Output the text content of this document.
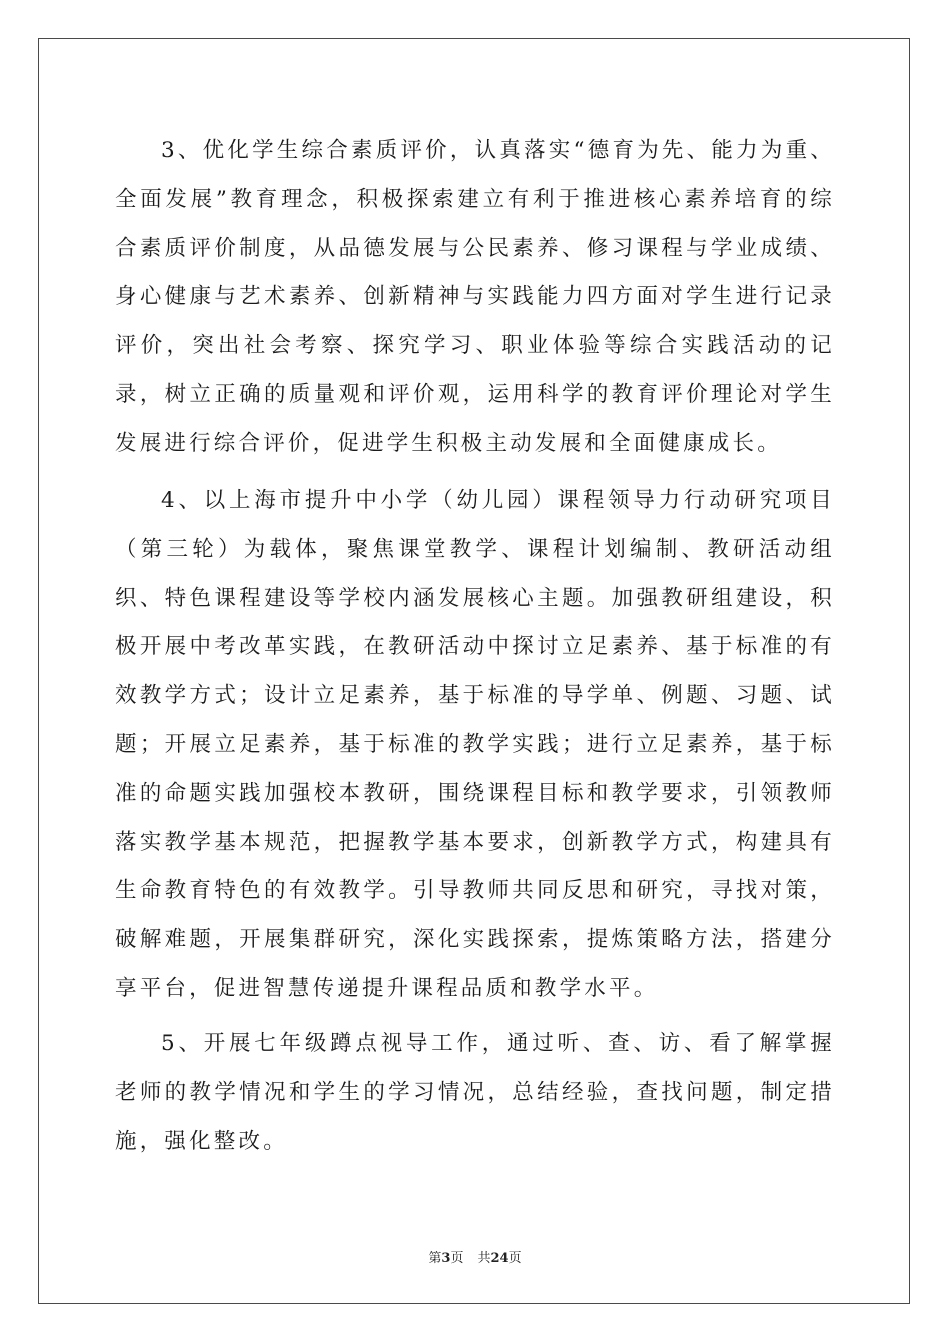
3、优化学生综合素质评价，认真落实“德育为先、能力为重、全面发展”教育理念，积极探索建立有利于推进核心素养培育的综合素质评价制度，从品德发展与公民素养、修习课程与学业成绩、身心健康与艺术素养、创新精神与实践能力四方面对学生进行记录评价，突出社会考察、探究学习、职业体验等综合实践活动的记录，树立正确的质量观和评价观，运用科学的教育评价理论对学生发展进行综合评价，促进学生积极主动发展和全面健康成长。

4、以上海市提升中小学（幼儿园）课程领导力行动研究项目（第三轮）为载体，聚焦课堂教学、课程计划编制、教研活动组织、特色课程建设等学校内涵发展核心主题。加强教研组建设，积极开展中考改革实践，在教研活动中探讨立足素养、基于标准的有效教学方式；设计立足素养，基于标准的导学单、例题、习题、试题；开展立足素养，基于标准的教学实践；进行立足素养，基于标准的命题实践加强校本教研，围绕课程目标和教学要求，引领教师落实教学基本规范，把握教学基本要求，创新教学方式，构建具有生命教育特色的有效教学。引导教师共同反思和研究，寻找对策，破解难题，开展集群研究，深化实践探索，提炼策略方法，搭建分享平台，促进智慧传递提升课程品质和教学水平。

5、开展七年级蹲点视导工作，通过听、查、访、看了解掌握老师的教学情况和学生的学习情况，总结经验，查找问题，制定措施，强化整改。

第3页 共24页
